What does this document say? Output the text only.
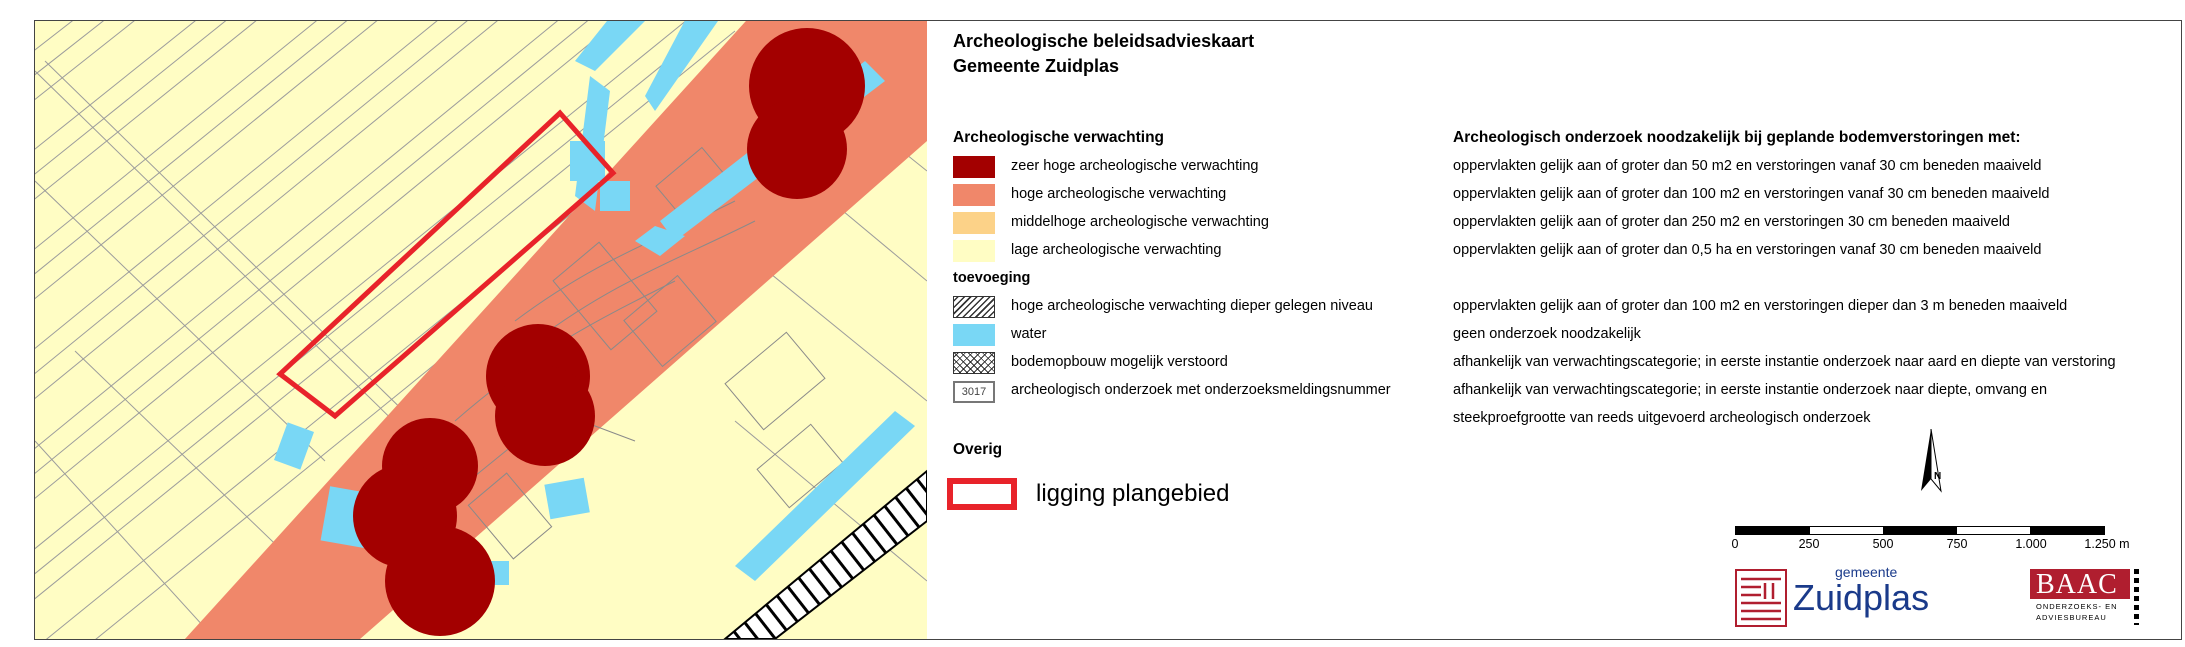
Archeologische beleidsadvieskaart
Gemeente Zuidplas
Archeologische verwachting	Archeologisch onderzoek noodzakelijk bij geplande bodemverstoringen met:
zeer hoge archeologische verwachting	oppervlakten gelijk aan of groter dan 50 m2 en verstoringen vanaf 30 cm beneden maaiveld
hoge archeologische verwachting	oppervlakten gelijk aan of groter dan 100 m2 en verstoringen vanaf 30 cm beneden maaiveld
middelhoge archeologische verwachting	oppervlakten gelijk aan of groter dan 250 m2 en verstoringen 30 cm beneden maaiveld
lage archeologische verwachting	oppervlakten gelijk aan of groter dan 0,5 ha en verstoringen vanaf 30 cm beneden maaiveld
toevoeging
hoge archeologische verwachting dieper gelegen niveau	oppervlakten gelijk aan of groter dan 100 m2 en verstoringen dieper dan 3 m beneden maaiveld
water	geen onderzoek noodzakelijk
bodemopbouw mogelijk verstoord	afhankelijk van verwachtingscategorie; in eerste instantie onderzoek naar aard en diepte van verstoring
3017	archeologisch onderzoek met onderzoeksmeldingsnummer	afhankelijk van verwachtingscategorie; in eerste instantie onderzoek naar diepte, omvang en
steekproefgrootte van reeds uitgevoerd archeologisch onderzoek
Overig
ligging plangebied
N
0	250	500	750	1.000	1.250 m
gemeente
Zuidplas	BAAC
ONDERZOEKS- EN
ADVIESBUREAU
